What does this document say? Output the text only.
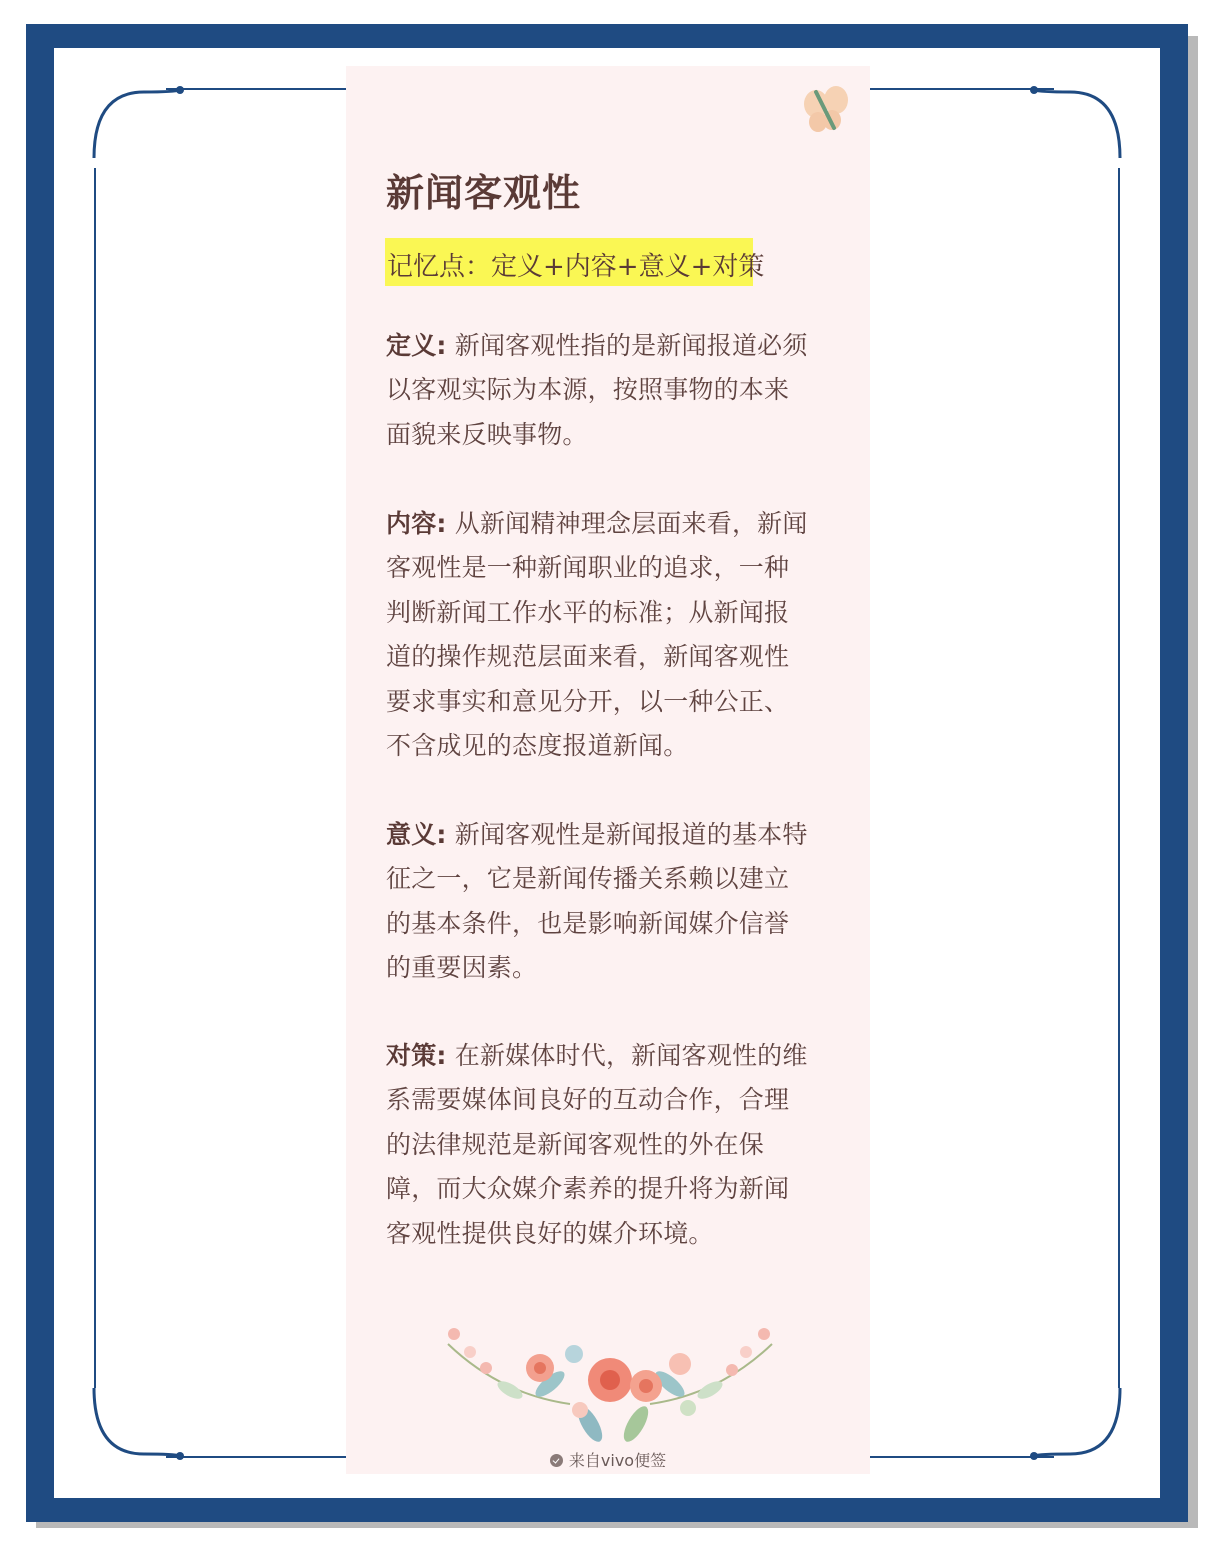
新闻客观性
记忆点：定义+内容+意义+对策
定义: 新闻客观性指的是新闻报道必须
以客观实际为本源，按照事物的本来
面貌来反映事物。
内容: 从新闻精神理念层面来看，新闻
客观性是一种新闻职业的追求，一种
判断新闻工作水平的标准；从新闻报
道的操作规范层面来看，新闻客观性
要求事实和意见分开，以一种公正、
不含成见的态度报道新闻。
意义: 新闻客观性是新闻报道的基本特
征之一，它是新闻传播关系赖以建立
的基本条件，也是影响新闻媒介信誉
的重要因素。
对策: 在新媒体时代，新闻客观性的维
系需要媒体间良好的互动合作，合理
的法律规范是新闻客观性的外在保
障，而大众媒介素养的提升将为新闻
客观性提供良好的媒介环境。
来自vivo便签
